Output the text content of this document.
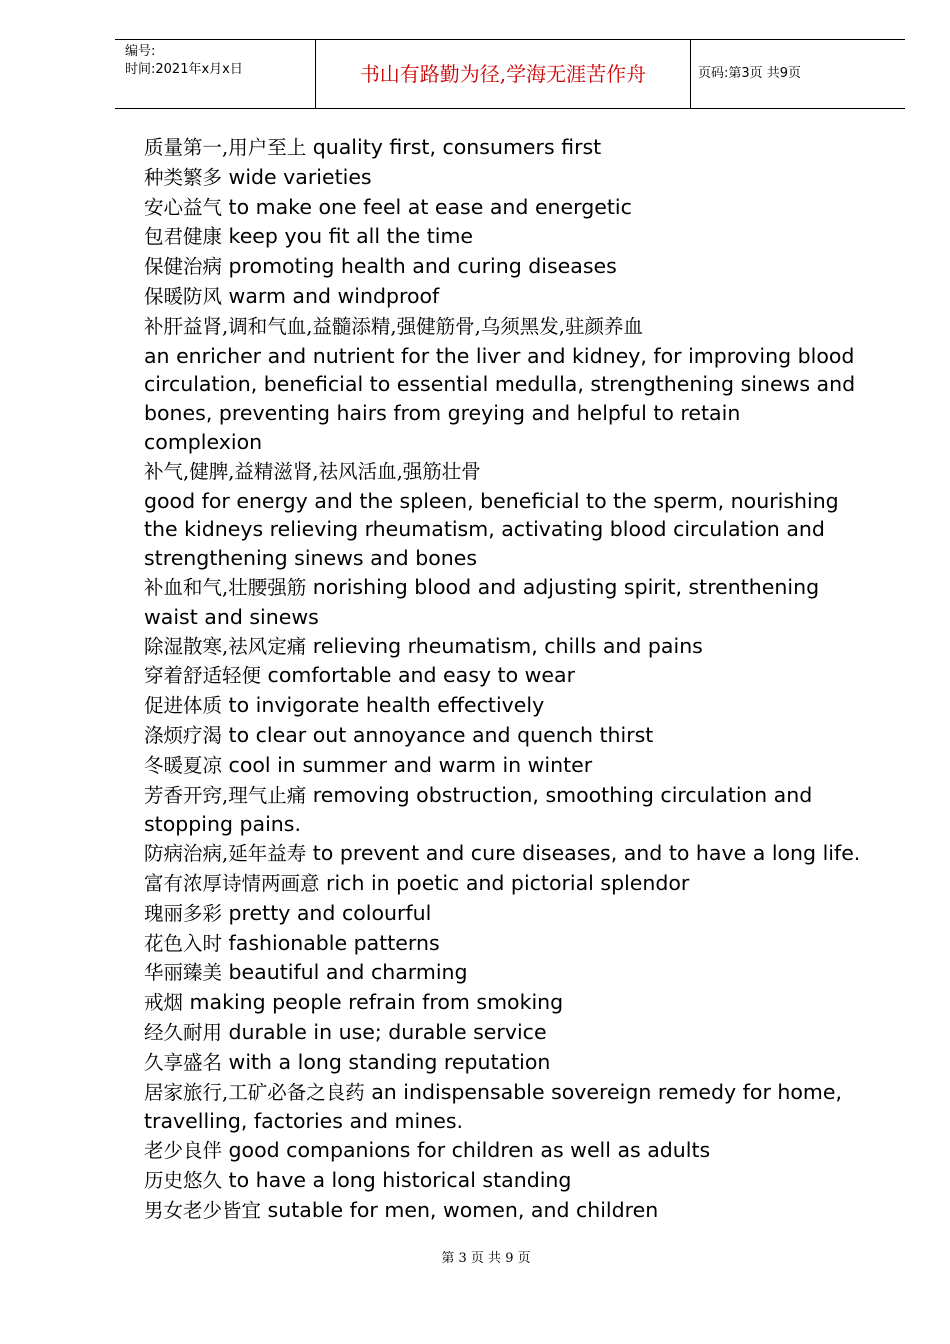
编号:
时间:2021年x月x日	书山有路勤为径,学海无涯苦作舟	页码:第3页 共9页
质量第一,用户至上 quality first, consumers first
种类繁多 wide varieties
安心益气 to make one feel at ease and energetic
包君健康 keep you fit all the time
保健治病 promoting health and curing diseases
保暖防风 warm and windproof
补肝益肾,调和气血,益髓添精,强健筋骨,乌须黑发,驻颜养血
an enricher and nutrient for the liver and kidney, for improving blood circulation, beneficial to essential medulla, strengthening sinews and bones, preventing hairs from greying and helpful to retain complexion
补气,健脾,益精滋肾,祛风活血,强筋壮骨
good for energy and the spleen, beneficial to the sperm, nourishing the kidneys relieving rheumatism, activating blood circulation and strengthening sinews and bones
补血和气,壮腰强筋 norishing blood and adjusting spirit, strenthening waist and sinews
除湿散寒,祛风定痛 relieving rheumatism, chills and pains
穿着舒适轻便 comfortable and easy to wear
促进体质 to invigorate health effectively
涤烦疗渴 to clear out annoyance and quench thirst
冬暖夏凉 cool in summer and warm in winter
芳香开窍,理气止痛 removing obstruction, smoothing circulation and stopping pains.
防病治病,延年益寿 to prevent and cure diseases, and to have a long life.
富有浓厚诗情两画意 rich in poetic and pictorial splendor
瑰丽多彩 pretty and colourful
花色入时 fashionable patterns
华丽臻美 beautiful and charming
戒烟 making people refrain from smoking
经久耐用 durable in use; durable service
久享盛名 with a long standing reputation
居家旅行,工矿必备之良药 an indispensable sovereign remedy for home, travelling, factories and mines.
老少良伴 good companions for children as well as adults
历史悠久 to have a long historical standing
男女老少皆宜 sutable for men, women, and children
第 3 页 共 9 页
